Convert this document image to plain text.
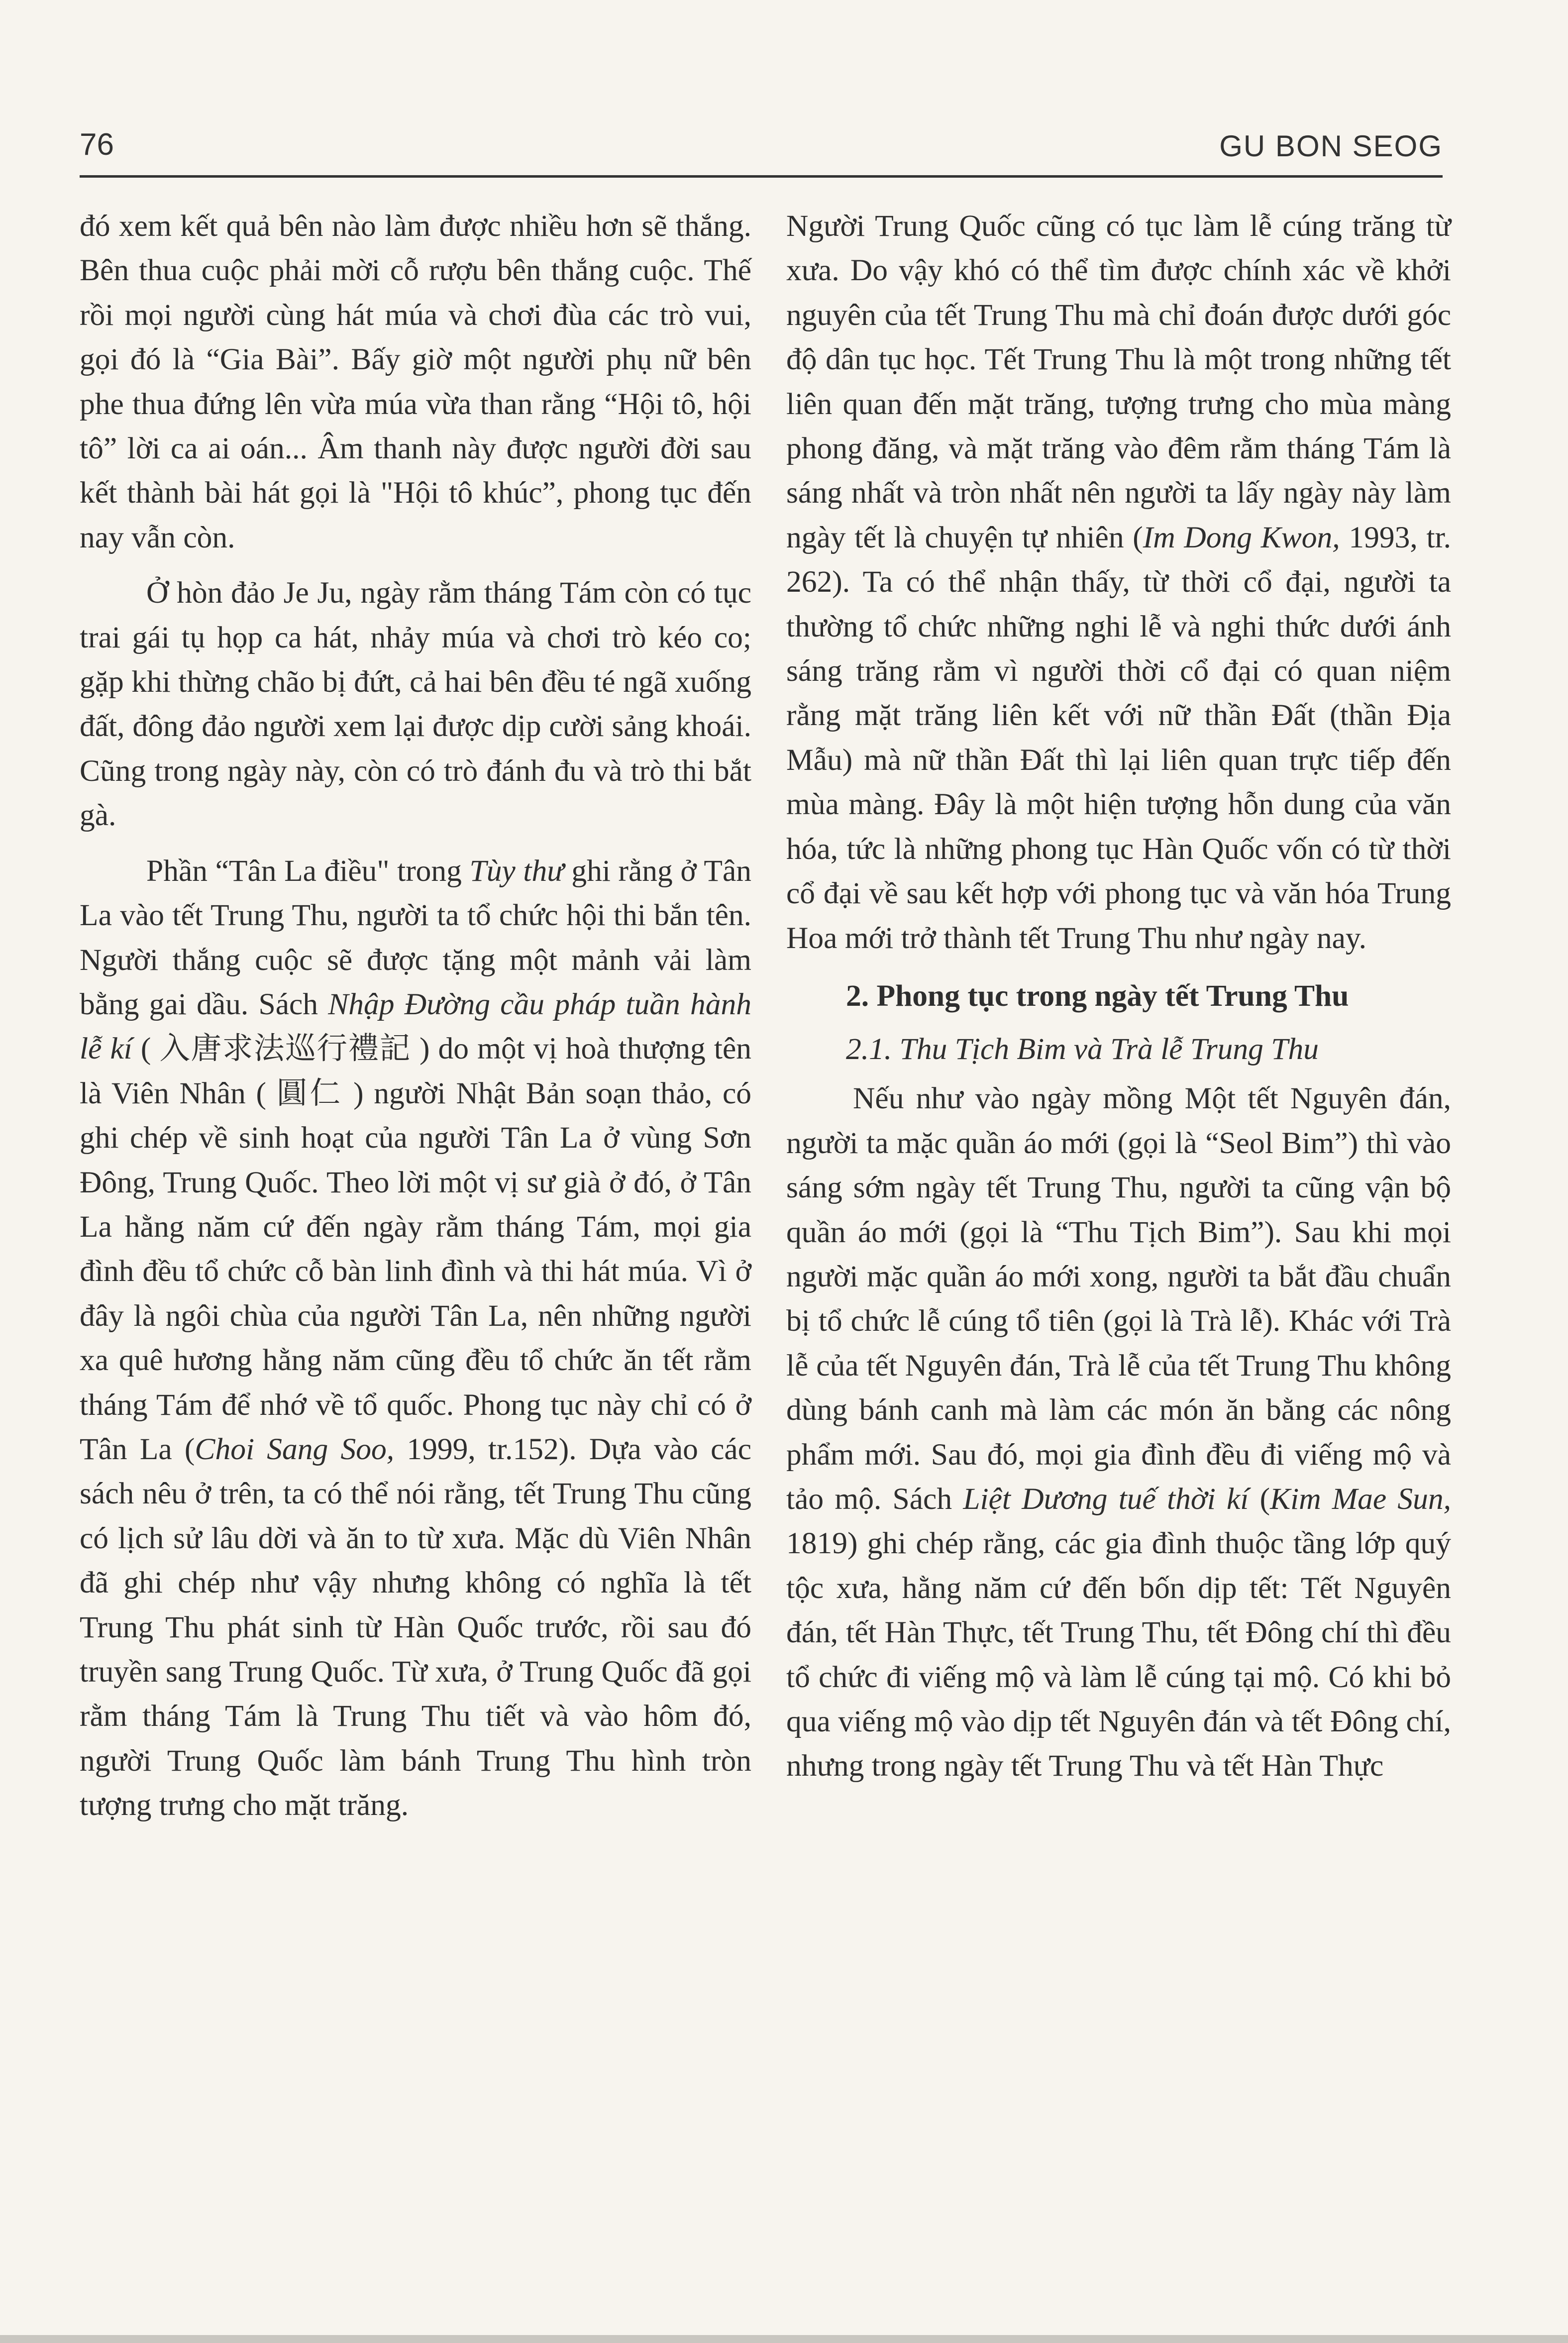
76	GU BON SEOG

đó xem kết quả bên nào làm được nhiều hơn sẽ thắng. Bên thua cuộc phải mời cỗ rượu bên thắng cuộc. Thế rồi mọi người cùng hát múa và chơi đùa các trò vui, gọi đó là “Gia Bài”. Bấy giờ một người phụ nữ bên phe thua đứng lên vừa múa vừa than rằng “Hội tô, hội tô” lời ca ai oán... Âm thanh này được người đời sau kết thành bài hát gọi là "Hội tô khúc”, phong tục đến nay vẫn còn.

Ở hòn đảo Je Ju, ngày rằm tháng Tám còn có tục trai gái tụ họp ca hát, nhảy múa và chơi trò kéo co; gặp khi thừng chão bị đứt, cả hai bên đều té ngã xuống đất, đông đảo người xem lại được dịp cười sảng khoái. Cũng trong ngày này, còn có trò đánh đu và trò thi bắt gà.

Phần “Tân La điều" trong Tùy thư ghi rằng ở Tân La vào tết Trung Thu, người ta tổ chức hội thi bắn tên. Người thắng cuộc sẽ được tặng một mảnh vải làm bằng gai dầu. Sách Nhập Đường cầu pháp tuần hành lễ kí ( 入唐求法巡行禮記 ) do một vị hoà thượng tên là Viên Nhân ( 圓仁 ) người Nhật Bản soạn thảo, có ghi chép về sinh hoạt của người Tân La ở vùng Sơn Đông, Trung Quốc. Theo lời một vị sư già ở đó, ở Tân La hằng năm cứ đến ngày rằm tháng Tám, mọi gia đình đều tổ chức cỗ bàn linh đình và thi hát múa. Vì ở đây là ngôi chùa của người Tân La, nên những người xa quê hương hằng năm cũng đều tổ chức ăn tết rằm tháng Tám để nhớ về tổ quốc. Phong tục này chỉ có ở Tân La (Choi Sang Soo, 1999, tr.152). Dựa vào các sách nêu ở trên, ta có thể nói rằng, tết Trung Thu cũng có lịch sử lâu dời và ăn to từ xưa. Mặc dù Viên Nhân đã ghi chép như vậy nhưng không có nghĩa là tết Trung Thu phát sinh từ Hàn Quốc trước, rồi sau đó truyền sang Trung Quốc. Từ xưa, ở Trung Quốc đã gọi rằm tháng Tám là Trung Thu tiết và vào hôm đó, người Trung Quốc làm bánh Trung Thu hình tròn tượng trưng cho mặt trăng.

Người Trung Quốc cũng có tục làm lễ cúng trăng từ xưa. Do vậy khó có thể tìm được chính xác về khởi nguyên của tết Trung Thu mà chỉ đoán được dưới góc độ dân tục học. Tết Trung Thu là một trong những tết liên quan đến mặt trăng, tượng trưng cho mùa màng phong đăng, và mặt trăng vào đêm rằm tháng Tám là sáng nhất và tròn nhất nên người ta lấy ngày này làm ngày tết là chuyện tự nhiên (Im Dong Kwon, 1993, tr. 262). Ta có thể nhận thấy, từ thời cổ đại, người ta thường tổ chức những nghi lễ và nghi thức dưới ánh sáng trăng rằm vì người thời cổ đại có quan niệm rằng mặt trăng liên kết với nữ thần Đất (thần Địa Mẫu) mà nữ thần Đất thì lại liên quan trực tiếp đến mùa màng. Đây là một hiện tượng hỗn dung của văn hóa, tức là những phong tục Hàn Quốc vốn có từ thời cổ đại về sau kết hợp với phong tục và văn hóa Trung Hoa mới trở thành tết Trung Thu như ngày nay.

2. Phong tục trong ngày tết Trung Thu
2.1. Thu Tịch Bim và Trà lễ Trung Thu

Nếu như vào ngày mồng Một tết Nguyên đán, người ta mặc quần áo mới (gọi là “Seol Bim”) thì vào sáng sớm ngày tết Trung Thu, người ta cũng vận bộ quần áo mới (gọi là “Thu Tịch Bim”). Sau khi mọi người mặc quần áo mới xong, người ta bắt đầu chuẩn bị tổ chức lễ cúng tổ tiên (gọi là Trà lễ). Khác với Trà lễ của tết Nguyên đán, Trà lễ của tết Trung Thu không dùng bánh canh mà làm các món ăn bằng các nông phẩm mới. Sau đó, mọi gia đình đều đi viếng mộ và tảo mộ. Sách Liệt Dương tuế thời kí (Kim Mae Sun, 1819) ghi chép rằng, các gia đình thuộc tầng lớp quý tộc xưa, hằng năm cứ đến bốn dịp tết: Tết Nguyên đán, tết Hàn Thực, tết Trung Thu, tết Đông chí thì đều tổ chức đi viếng mộ và làm lễ cúng tại mộ. Có khi bỏ qua viếng mộ vào dịp tết Nguyên đán và tết Đông chí, nhưng trong ngày tết Trung Thu và tết Hàn Thực
